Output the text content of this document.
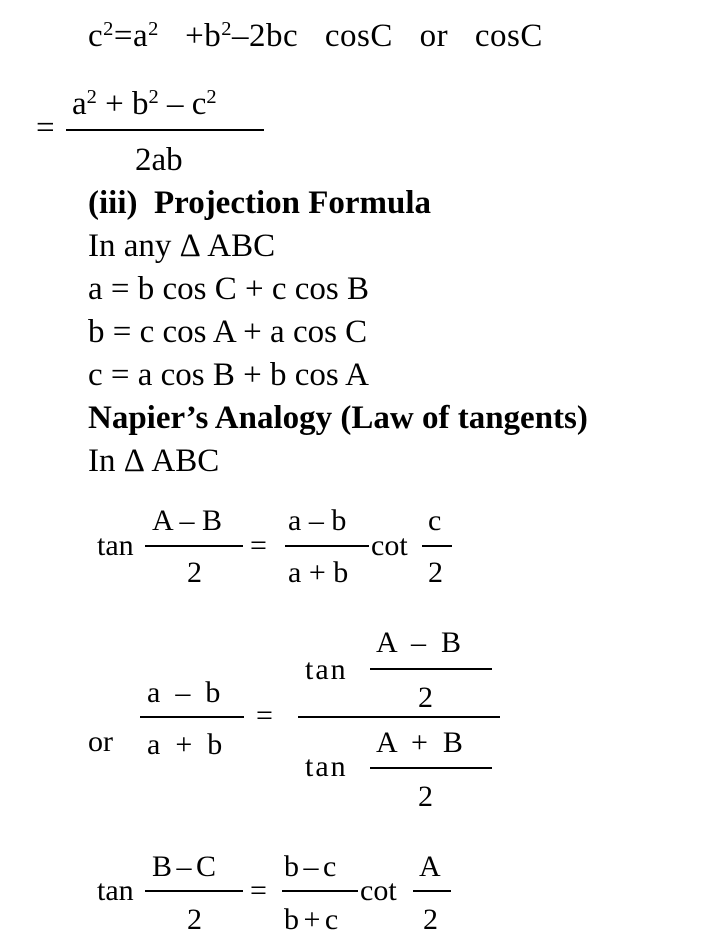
$c^2=a^2 +b^2-2bc$ cosC or cosC
=
$a^2 + b^2 - c^2$
2ab
(iii)  Projection Formula
In any Δ ABC
a = b cos C + c cos B
b = c cos A + a cos C
c = a cos B + b cos A
Napier’s Analogy (Law of tangents)
In Δ ABC
tan
A – B
2
=
a – b
a + b
cot
c
2
or
a  –  b
a  +  b
=
tan
A  –  B
2
A  +  B
tan
2
tan
B – C
2
=
b – c
b + c
cot
A
2
